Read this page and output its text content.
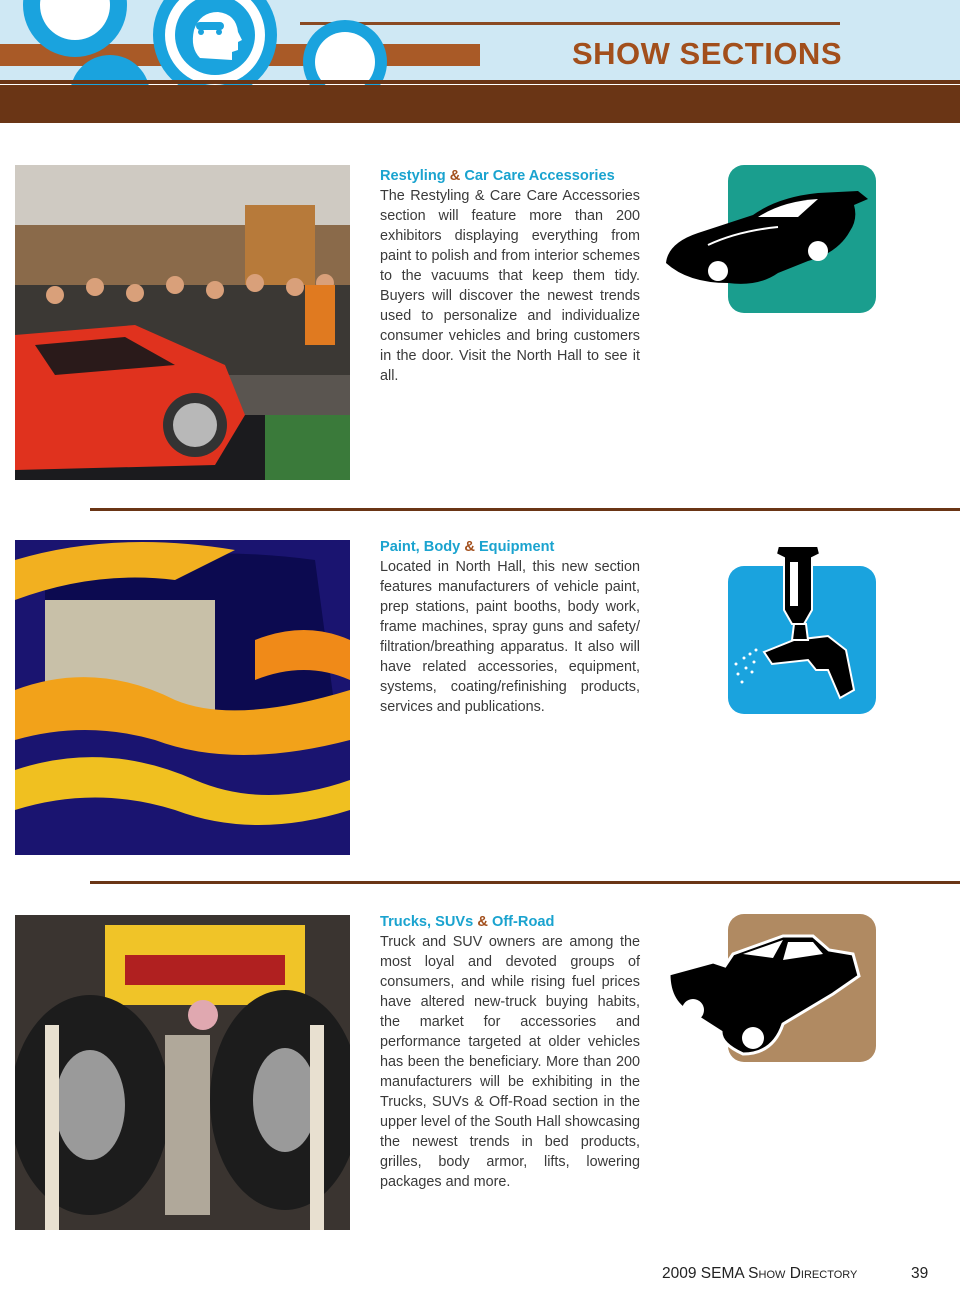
SHOW SECTIONS
Restyling & Car Care Accessories
The Restyling & Care Care Accessories section will feature more than 200 exhibitors displaying everything from paint to polish and from interior schemes to the vacuums that keep them tidy. Buyers will discover the newest trends used to personalize and individualize consumer vehicles and bring customers in the door. Visit the North Hall to see it all.
Paint, Body & Equipment
Located in North Hall, this new section features manufacturers of vehicle paint, prep stations, paint booths, body work, frame machines, spray guns and safety/ filtration/breathing apparatus. It also will have related accessories, equipment, systems, coating/refinishing products, services and publications.
Trucks, SUVs & Off-Road
Truck and SUV owners are among the most loyal and devoted groups of consumers, and while rising fuel prices have altered new-truck buying habits, the market for accessories and performance targeted at older vehicles has been the beneficiary. More than 200 manufacturers will be exhibiting in the Trucks, SUVs & Off-Road section in the upper level of the South Hall showcasing the newest trends in bed products, grilles, body armor, lifts, lowering packages and more.
2009 SEMA Show Directory	39
